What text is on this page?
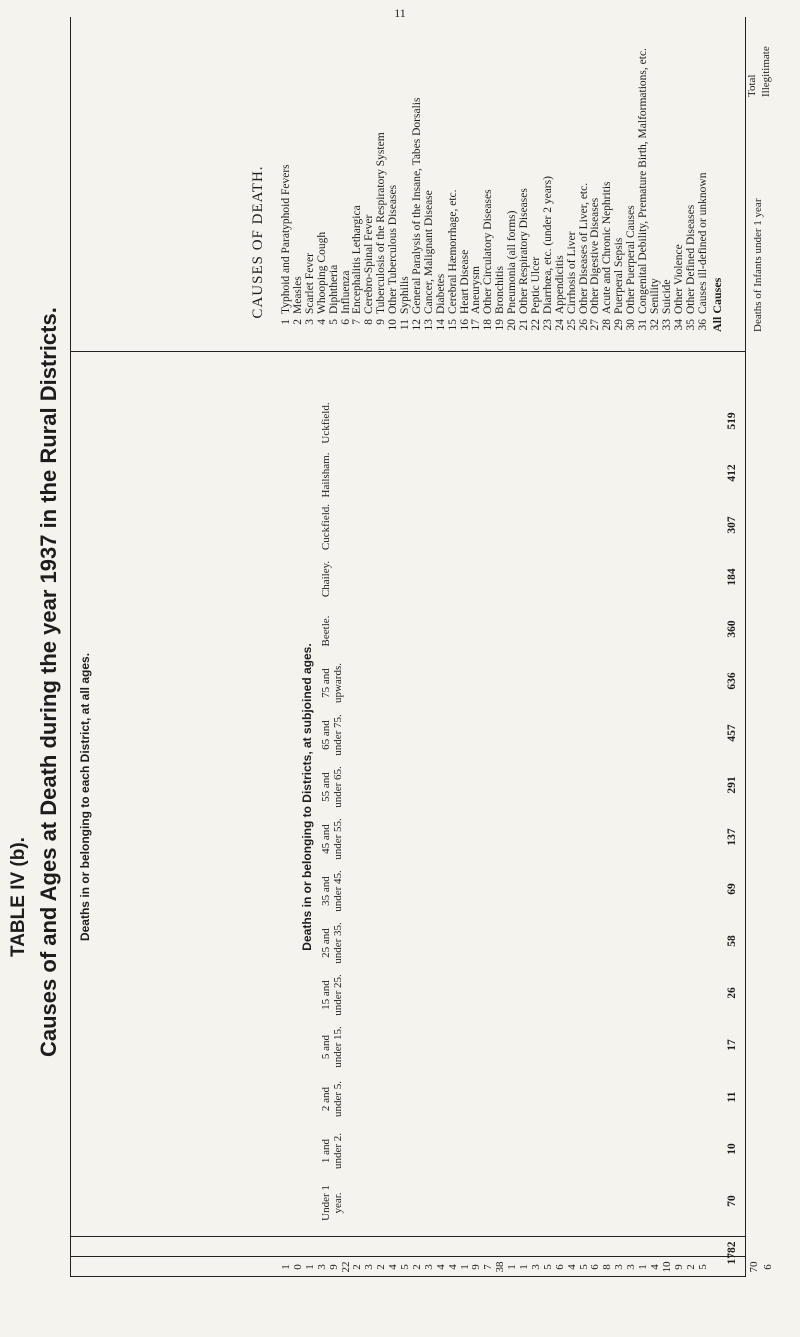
11
TABLE IV (b). Causes of and Ages at Death during the year 1937 in the Rural Districts. Deaths in or belonging to each District, at all ages.	Deaths in or belonging to Districts, at subjoined ages.
CAUSES OF DEATH.
1Typhoid and Paratyphoid Fevers
2Measles
3Scarlet Fever
4Whooping Cough
5Diphtheria
6Influenza
7Encephalitis Lethargica
8Cerebro-Spinal Fever
9Tuberculosis of the Respiratory System
10Other Tuberculous Diseases
11Syphilis
12General Paralysis of the Insane, Tabes Dorsalis
13Cancer, Malignant Disease
14Diabetes
15Cerebral Hæmorrhage, etc.
16Heart Disease
17Aneurysm
18Other Circulatory Diseases
19Bronchitis
20Pneumonia (all forms)
21Other Respiratory Diseases
22Peptic Ulcer
23Diarrhœa, etc. (under 2 years)
24Appendicitis
25Cirrhosis of Liver
26Other Diseases of Liver, etc.
27Other Digestive Diseases
28Acute and Chronic Nephritis
29Puerperal Sepsis
30Other Puerperal Causes
31Congenital Debility, Premature Birth, Malformations, etc.
32Senility
33Suicide
34Other Violence
35Other Defined Diseases
36Causes ill-defined or unknown
1 0 1 3 9 22 2 3 2 4 5 2 3 4 4 1 9 7 38 1 1 3 5 6 4 5 6 8 3 3 1 4 10 9 2 5
Under 1 year.
1 and under 2.
2 and under 5.
5 and under 15.
15 and under 25.
25 and under 35.
35 and under 45.
45 and under 55.
55 and under 65.
65 and under 75.
75 and upwards.
Beetle.
Chailey.
Cuckfield.
Hailsham.
Uckfield.
1782
70
10
11
17
26
58
69
137
291
457
636
360
184
307
412
519
70 6
All Causes	Deaths of Infants under 1 year
Total Illegitimate
